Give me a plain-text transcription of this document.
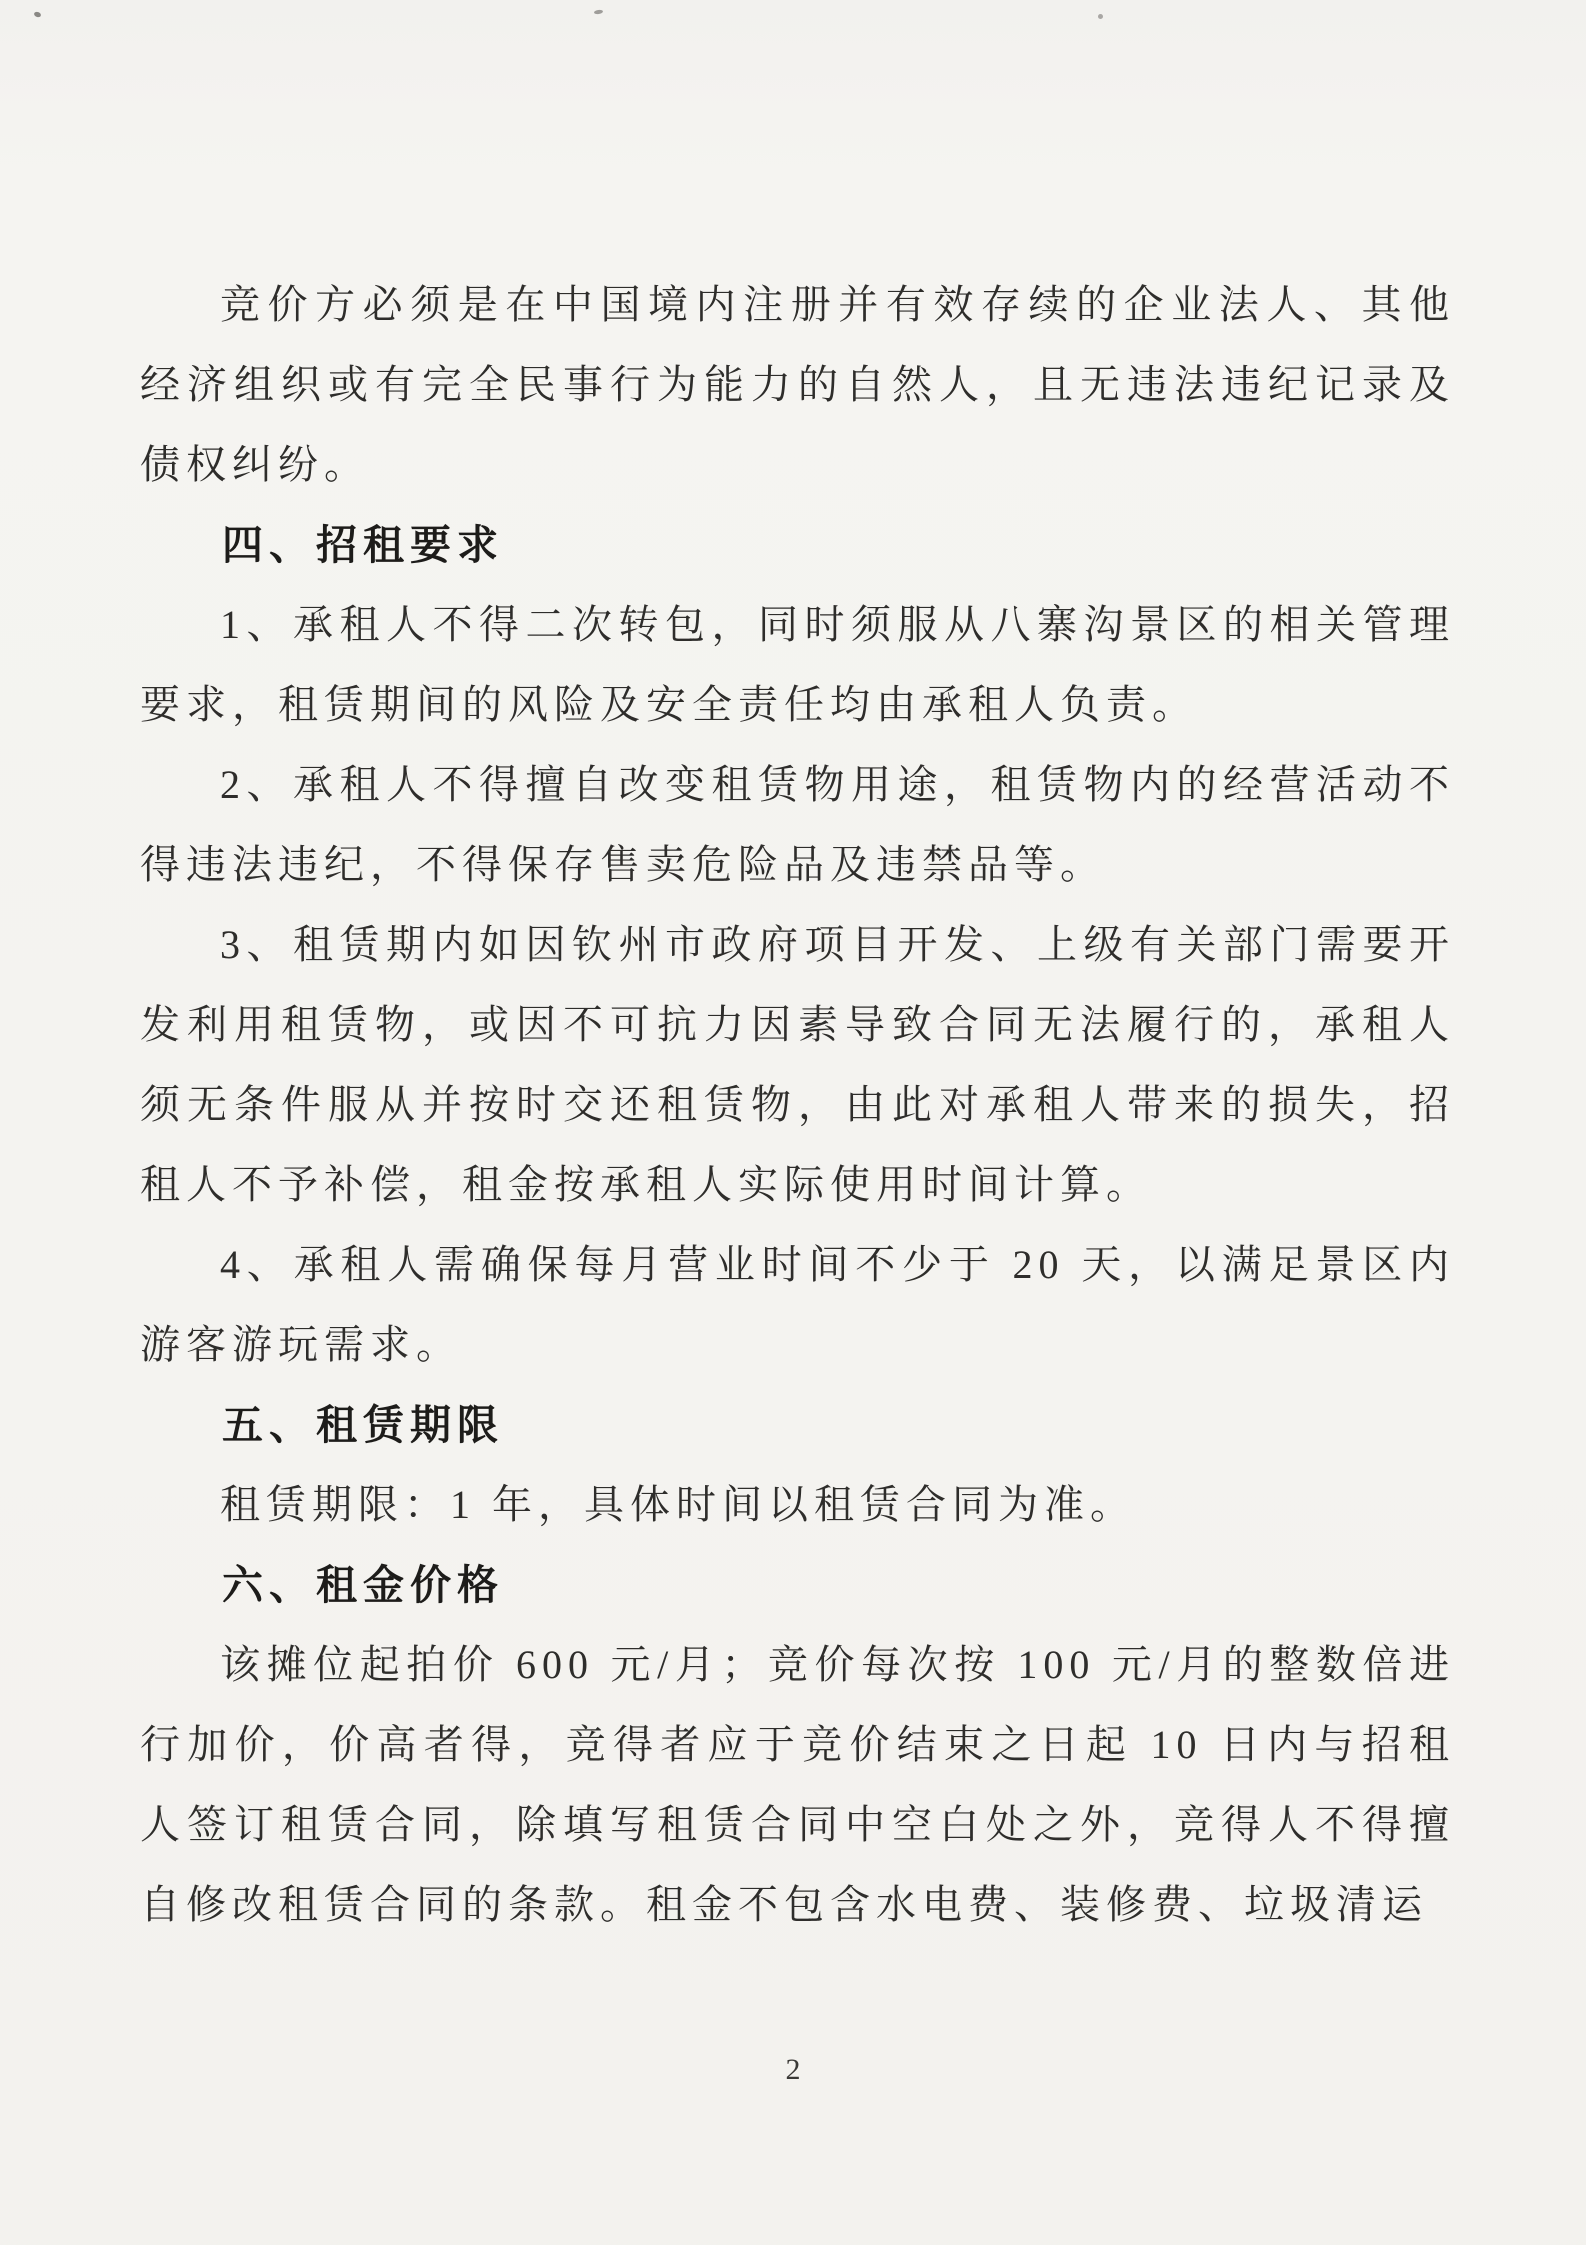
竞价方必须是在中国境内注册并有效存续的企业法人、其他经济组织或有完全民事行为能力的自然人，且无违法违纪记录及债权纠纷。

四、招租要求

1、承租人不得二次转包，同时须服从八寨沟景区的相关管理要求，租赁期间的风险及安全责任均由承租人负责。

2、承租人不得擅自改变租赁物用途，租赁物内的经营活动不得违法违纪，不得保存售卖危险品及违禁品等。

3、租赁期内如因钦州市政府项目开发、上级有关部门需要开发利用租赁物，或因不可抗力因素导致合同无法履行的，承租人须无条件服从并按时交还租赁物，由此对承租人带来的损失，招租人不予补偿，租金按承租人实际使用时间计算。

4、承租人需确保每月营业时间不少于 20 天，以满足景区内游客游玩需求。

五、租赁期限

租赁期限：1 年，具体时间以租赁合同为准。

六、租金价格

该摊位起拍价 600 元/月；竞价每次按 100 元/月的整数倍进行加价，价高者得，竞得者应于竞价结束之日起 10 日内与招租人签订租赁合同，除填写租赁合同中空白处之外，竞得人不得擅自修改租赁合同的条款。租金不包含水电费、装修费、垃圾清运

2
